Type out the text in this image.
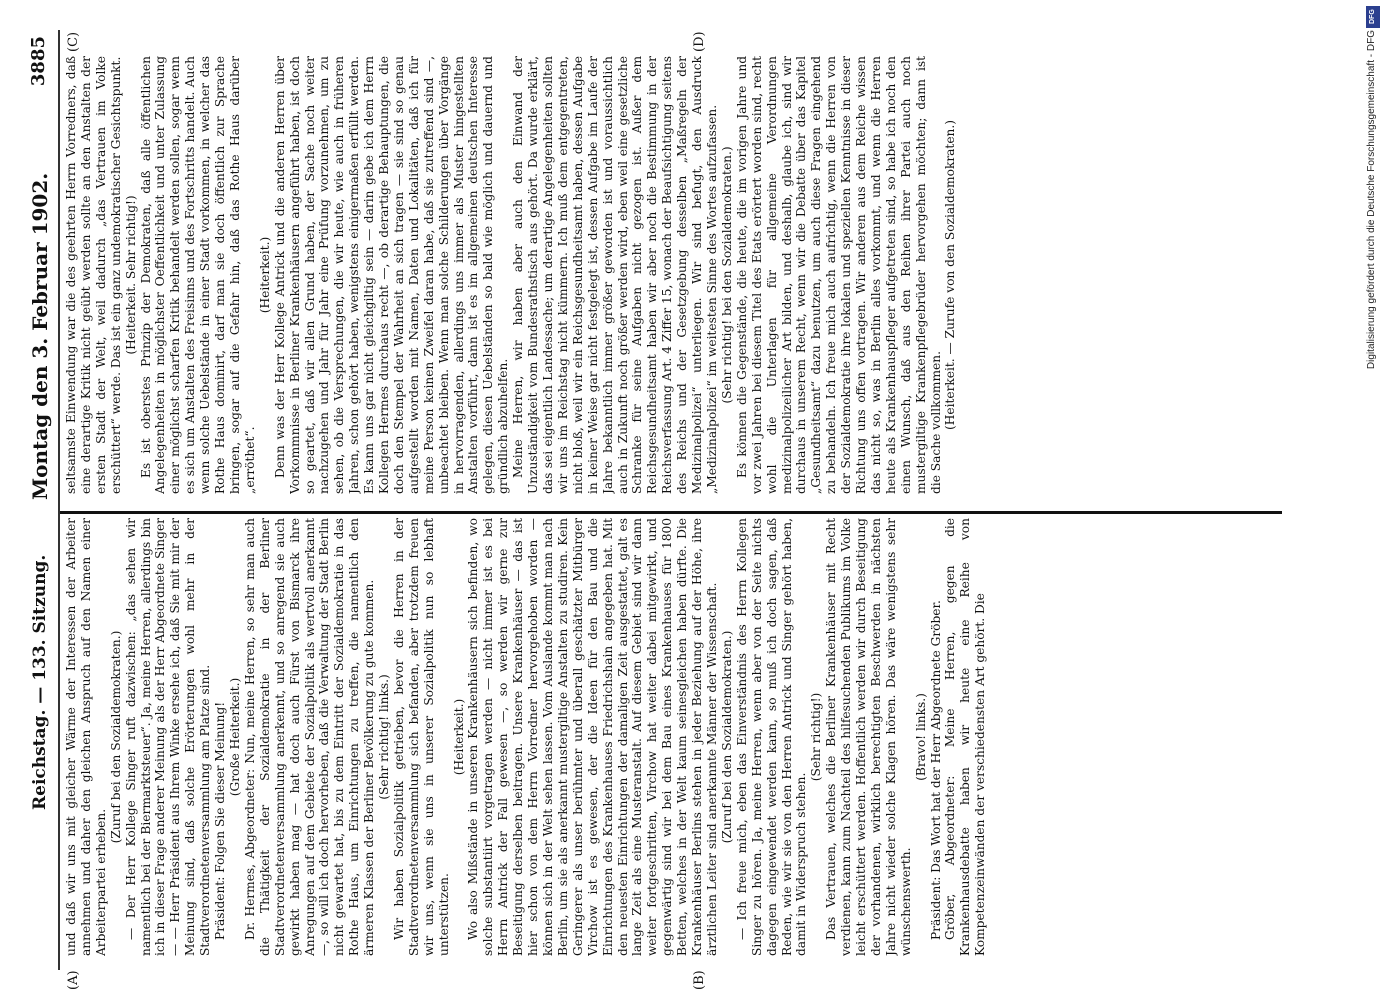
Reichstag. — 133. Sitzung.
Montag den 3. Februar 1902.
3885
(A)	(B)
(C)	(D)

und daß wir uns mit gleicher Wärme der Interessen der Arbeiter annehmen und daher den gleichen Anspruch auf den Namen einer Arbeiterpartei erheben.

(Zuruf bei den Sozialdemokraten.) — Der Herr Kollege Singer ruft dazwischen: „das sehen wir namentlich bei der Biermarktsteuer“. Ja, meine Herren, allerdings bin ich in dieser Frage anderer Meinung als der Herr Abgeordnete Singer — — Herr Präsident aus Ihrem Winke ersehe ich, daß Sie mit mir der Meinung sind, daß solche Erörterungen wohl mehr in der Stadtverordnetenversammlung am Platze sind. Präsident: Folgen Sie dieser Meinung! (Große Heiterkeit.) Dr. Hermes, Abgeordneter: Nun, meine Herren, so sehr man auch die Thätigkeit der Sozialdemokratie in der Berliner Stadtverordnetenversammlung anerkennt, und so anregend sie auch gewirkt haben mag — hat doch auch Fürst von Bismarck ihre Anregungen auf dem Gebiete der Sozialpolitik als wertvoll anerkannt —, so will ich doch hervorheben, daß die Verwaltung der Stadt Berlin nicht gewartet hat, bis zu dem Eintritt der Sozialdemokratie in das Rothe Haus, um Einrichtungen zu treffen, die namentlich den ärmeren Klassen der Berliner Bevölkerung zu gute kommen. (Sehr richtig! links.) Wir haben Sozialpolitik getrieben, bevor die Herren in der Stadtverordnetenversammlung sich befanden, aber trotzdem freuen wir uns, wenn sie uns in unserer Sozialpolitik nun so lebhaft unterstützen.

(Heiterkeit.) Wo also Mißstände in unseren Krankenhäusern sich befinden, wo solche substantiirt vorgetragen werden — nicht immer ist es bei Herrn Antrick der Fall gewesen —, so werden wir gerne zur Beseitigung derselben beitragen. Unsere Krankenhäuser — das ist hier schon von dem Herrn Vorredner hervorgehoben worden — können sich in der Welt sehen lassen. Vom Auslande kommt man nach Berlin, um sie als anerkannt mustergiltige Anstalten zu studiren. Kein Geringerer als unser berühmter und überall geschätzter Mitbürger Virchow ist es gewesen, der die Ideen für den Bau und die Einrichtungen des Krankenhauses Friedrichshain angegeben hat. Mit den neuesten Einrichtungen der damaligen Zeit ausgestattet, galt es lange Zeit als eine Musteranstalt. Auf diesem Gebiet sind wir dann weiter fortgeschritten, Virchow hat weiter dabei mitgewirkt, und gegenwärtig sind wir bei dem Bau eines Krankenhauses für 1800 Betten, welches in der Welt kaum seinesgleichen haben dürfte. Die Krankenhäuser Berlins stehen in jeder Beziehung auf der Höhe, ihre ärztlichen Leiter sind anerkannte Männer der Wissenschaft. (Zuruf bei den Sozialdemokraten.) — Ich freue mich, eben das Einverständnis des Herrn Kollegen Singer zu hören. Ja, meine Herren, wenn aber von der Seite nichts dagegen eingewendet werden kann, so muß ich doch sagen, daß Reden, wie wir sie von den Herren Antrick und Singer gehört haben, damit in Widerspruch stehen.

(Sehr richtig!) Das Vertrauen, welches die Berliner Krankenhäuser mit Recht verdienen, kann zum Nachteil des hilfesuchenden Publikums im Volke leicht erschüttert werden. Hoffentlich werden wir durch Beseitigung der vorhandenen, wirklich berechtigten Beschwerden in nächsten Jahre nicht wieder solche Klagen hören. Das wäre wenigstens sehr wünschenswerth.

(Bravo! links.) Präsident: Das Wort hat der Herr Abgeordnete Gröber. Gröber, Abgeordneter: Meine Herren, gegen die Krankenhausdebatte haben wir heute eine Reihe von Kompetenzeinwänden der verschiedensten Art gehört. Die

seltsamste Einwendung war die des geehrten Herrn Vorredners, daß eine derartige Kritik nicht geübt werden sollte an den Anstalten der ersten Stadt der Welt, weil dadurch „das Vertrauen im Volke erschüttert“ werde. Das ist ein ganz undemokratischer Gesichtspunkt. (Heiterkeit. Sehr richtig!) Es ist oberstes Prinzip der Demokraten, daß alle öffentlichen Angelegenheiten in möglichster Oeffentlichkeit und unter Zulassung einer möglichst scharfen Kritik behandelt werden sollen, sogar wenn es sich um Anstalten des Freisinns und des Fortschritts handelt. Auch wenn solche Uebelstände in einer Stadt vorkommen, in welcher das Rothe Haus dominirt, darf man sie doch öffentlich zur Sprache bringen, sogar auf die Gefahr hin, daß das Rothe Haus darüber „erröthet“.

(Heiterkeit.) Denn was der Herr Kollege Antrick und die anderen Herren über Vorkommnisse in Berliner Krankenhäusern angeführt haben, ist doch so geartet, daß wir allen Grund haben, der Sache noch weiter nachzugehen und Jahr für Jahr eine Prüfung vorzunehmen, um zu sehen, ob die Versprechungen, die wir heute, wie auch in früheren Jahren, schon gehört haben, wenigstens einigermaßen erfüllt werden. Es kann uns gar nicht gleichgiltig sein — darin gebe ich dem Herrn Kollegen Hermes durchaus recht —, ob derartige Behauptungen, die doch den Stempel der Wahrheit an sich tragen — sie sind so genau aufgestellt worden mit Namen, Daten und Lokalitäten, daß ich für meine Person keinen Zweifel daran habe, daß sie zutreffend sind —, unbeachtet bleiben. Wenn man solche Schilderungen über Vorgänge in hervorragenden, allerdings uns immer als Muster hingestellten Anstalten vorführt, dann ist es im allgemeinen deutschen Interesse gelegen, diesen Uebelständen so bald wie möglich und dauernd und gründlich abzuhelfen. Meine Herren, wir haben aber auch den Einwand der Unzuständigkeit vom Bundesrathstisch aus gehört. Da wurde erklärt, das sei eigentlich Landessache; um derartige Angelegenheiten sollten wir uns im Reichstag nicht kümmern. Ich muß dem entgegentreten, nicht bloß, weil wir ein Reichsgesundheitsamt haben, dessen Aufgabe in keiner Weise gar nicht festgelegt ist, dessen Aufgabe im Laufe der Jahre bekanntlich immer größer geworden ist und voraussichtlich auch in Zukunft noch größer werden wird, eben weil eine gesetzliche Schranke für seine Aufgaben nicht gezogen ist. Außer dem Reichsgesundheitsamt haben wir aber noch die Bestimmung in der Reichsverfassung Art. 4 Ziffer 15, wonach der Beaufsichtigung seitens des Reichs und der Gesetzgebung desselben „Maßregeln der Medizinalpolizei“ unterliegen. Wir sind befugt, den Ausdruck „Medizinalpolizei“ im weitesten Sinne des Wortes aufzufassen. (Sehr richtig! bei den Sozialdemokraten.) Es können die Gegenstände, die heute, die im vorigen Jahre und vor zwei Jahren bei diesem Titel des Etats erörtert worden sind, recht wohl die Unterlagen für allgemeine Verordnungen medizinalpolizeilicher Art bilden, und deshalb, glaube ich, sind wir durchaus in unserem Recht, wenn wir die Debatte über das Kapitel „Gesundheitsamt“ dazu benutzen, um auch diese Fragen eingehend zu behandeln. Ich freue mich auch aufrichtig, wenn die Herren von der Sozialdemokratie ihre lokalen und speziellen Kenntnisse in dieser Richtung uns offen vortragen. Wir anderen aus dem Reiche wissen das nicht so, was in Berlin alles vorkommt, und wenn die Herren heute als Krankenhauspfleger aufgetreten sind, so habe ich noch den einen Wunsch, daß aus den Reihen ihrer Partei auch noch mustergiltige Krankenpflegebrüder hervorgehen möchten; dann ist die Sache vollkommen. (Heiterkeit. — Zurufe von den Sozialdemokraten.)

DFG
Digitalisierung gefördert durch die Deutsche Forschungsgemeinschaft - DFG
